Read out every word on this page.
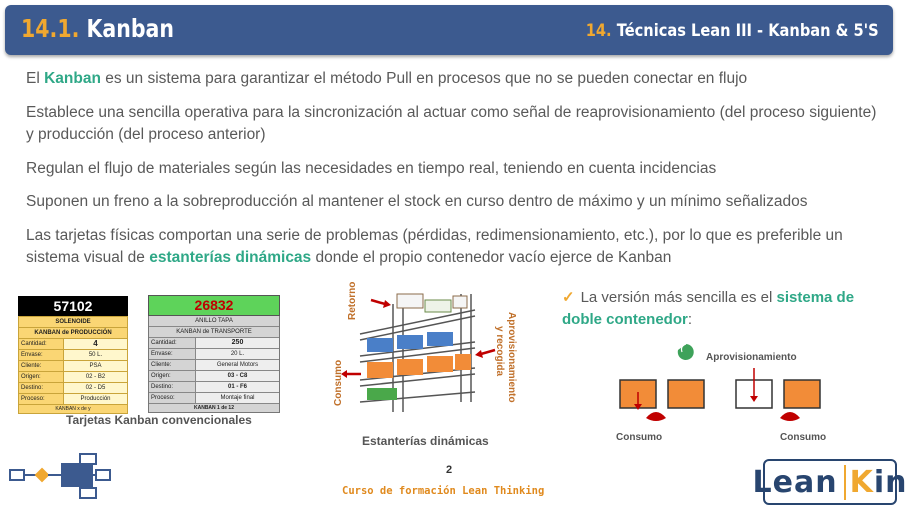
14.1. Kanban	14. Técnicas Lean III - Kanban & 5'S
El Kanban es un sistema para garantizar el método Pull en procesos que no se pueden conectar en flujo
Establece una sencilla operativa para la sincronización al actuar como señal de reaprovisionamiento (del proceso siguiente) y producción (del proceso anterior)
Regulan el flujo de materiales según las necesidades en tiempo real, teniendo en cuenta incidencias
Suponen un freno a la sobreproducción al mantener el stock en curso dentro de máximo y un mínimo señalizados
Las tarjetas físicas comportan una serie de problemas (pérdidas, redimensionamiento, etc.), por lo que es preferible un sistema visual de estanterías dinámicas donde el propio contenedor vacío ejerce de Kanban
57102
SOLENOIDE
KANBAN de PRODUCCIÓN
Cantidad:	4
Envase:	50 L.
Cliente:	PSA
Origen:	02 - B2
Destino:	02 - D5
Proceso:	Producción
KANBAN x de y
26832
ANILLO TAPA
KANBAN de TRANSPORTE
Cantidad:	250
Envase:	20 L.
Cliente:	General Motors
Origen:	03 - C8
Destino:	01 - F6
Proceso:	Montaje final
KANBAN 1 de 12
Tarjetas Kanban convencionales
Retorno
Consumo	Aprovisionamiento
y recogida
Estanterías dinámicas
✓ La versión más sencilla es el sistema de doble contenedor:
Aprovisionamiento
Consumo	Consumo
2
Curso de formación Lean Thinking	Lean Kin
